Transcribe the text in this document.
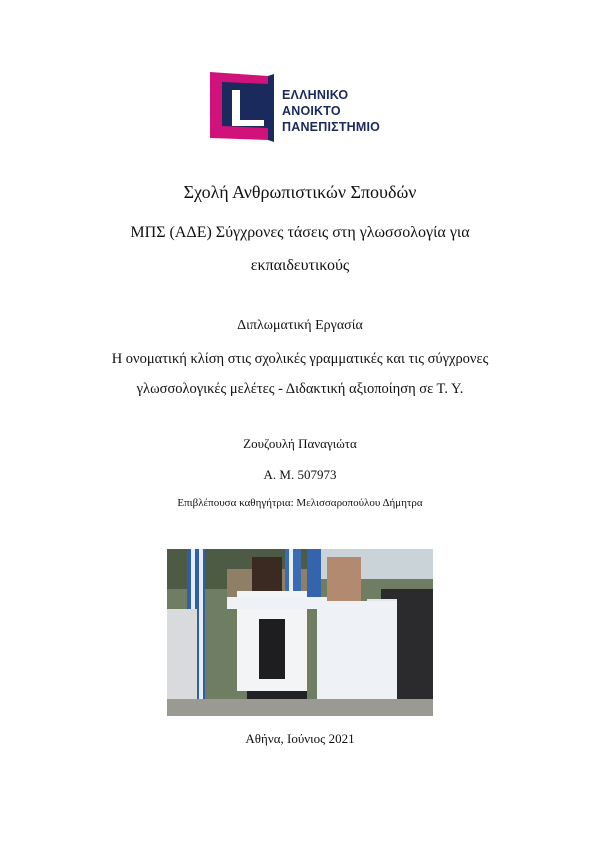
ΕΛΛΗΝΙΚΟ
ΑΝΟΙΚΤΟ
ΠΑΝΕΠΙΣΤΗΜΙΟ
Σχολή Ανθρωπιστικών Σπουδών
ΜΠΣ (ΑΔΕ) Σύγχρονες τάσεις στη γλωσσολογία για
εκπαιδευτικούς
Διπλωματική Εργασία
Η ονοματική κλίση στις σχολικές γραμματικές και τις σύγχρονες
γλωσσολογικές μελέτες - Διδακτική αξιοποίηση σε Τ. Υ.
Ζουζουλή Παναγιώτα
Α. Μ. 507973
Επιβλέπουσα καθηγήτρια: Μελισσαροπούλου Δήμητρα
Αθήνα, Ιούνιος 2021
